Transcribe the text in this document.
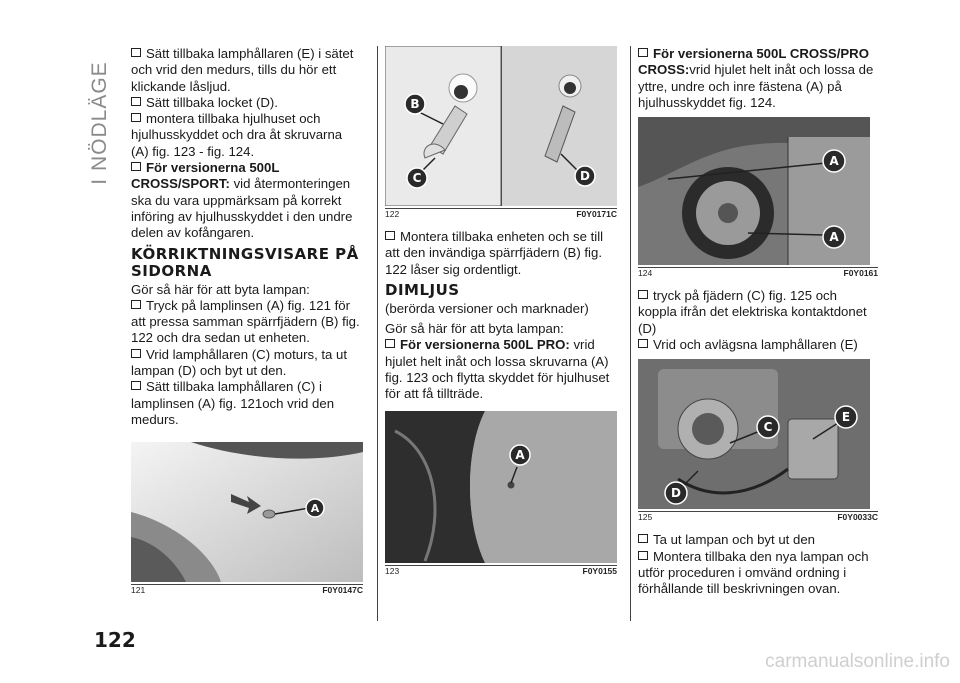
I NÖDLÄGE
122

Sätt tillbaka lamphållaren (E) i sätet och vrid den medurs, tills du hör ett klickande låsljud.

Sätt tillbaka locket (D).

montera tillbaka hjulhuset och hjulhusskyddet och dra åt skruvarna (A) fig. 123 - fig. 124.

För versionerna 500L CROSS/SPORT: vid återmonteringen ska du vara uppmärksam på korrekt införing av hjulhusskyddet i den undre delen av kofångaren.

KÖRRIKTNINGSVISARE PÅ SIDORNA

Gör så här för att byta lampan:

Tryck på lamplinsen (A) fig. 121 för att pressa samman spärrfjädern (B) fig. 122 och dra sedan ut enheten.

Vrid lamphållaren (C) moturs, ta ut lampan (D) och byt ut den.

Sätt tillbaka lamphållaren (C) i lamplinsen (A) fig. 121och vrid den medurs.

A
121	F0Y0147C
B
C	D
122	F0Y0171C

Montera tillbaka enheten och se till att den invändiga spärrfjädern (B) fig. 122 låser sig ordentligt.

DIMLJUS

(berörda versioner och marknader)

Gör så här för att byta lampan:

För versionerna 500L PRO: vrid hjulet helt inåt och lossa skruvarna (A) fig. 123 och flytta skyddet för hjulhuset för att få tillträde.

A
123	F0Y0155

För versionerna 500L CROSS/PRO CROSS:vrid hjulet helt inåt och lossa de yttre, undre och inre fästena (A) på hjulhusskyddet fig. 124.

A
A
124	F0Y0161

tryck på fjädern (C) fig. 125 och koppla ifrån det elektriska kontaktdonet (D)

Vrid och avlägsna lamphållaren (E)

C
E
D
125	F0Y0033C

Ta ut lampan och byt ut den

Montera tillbaka den nya lampan och utför proceduren i omvänd ordning i förhållande till beskrivningen ovan.

carmanualsonline.info
